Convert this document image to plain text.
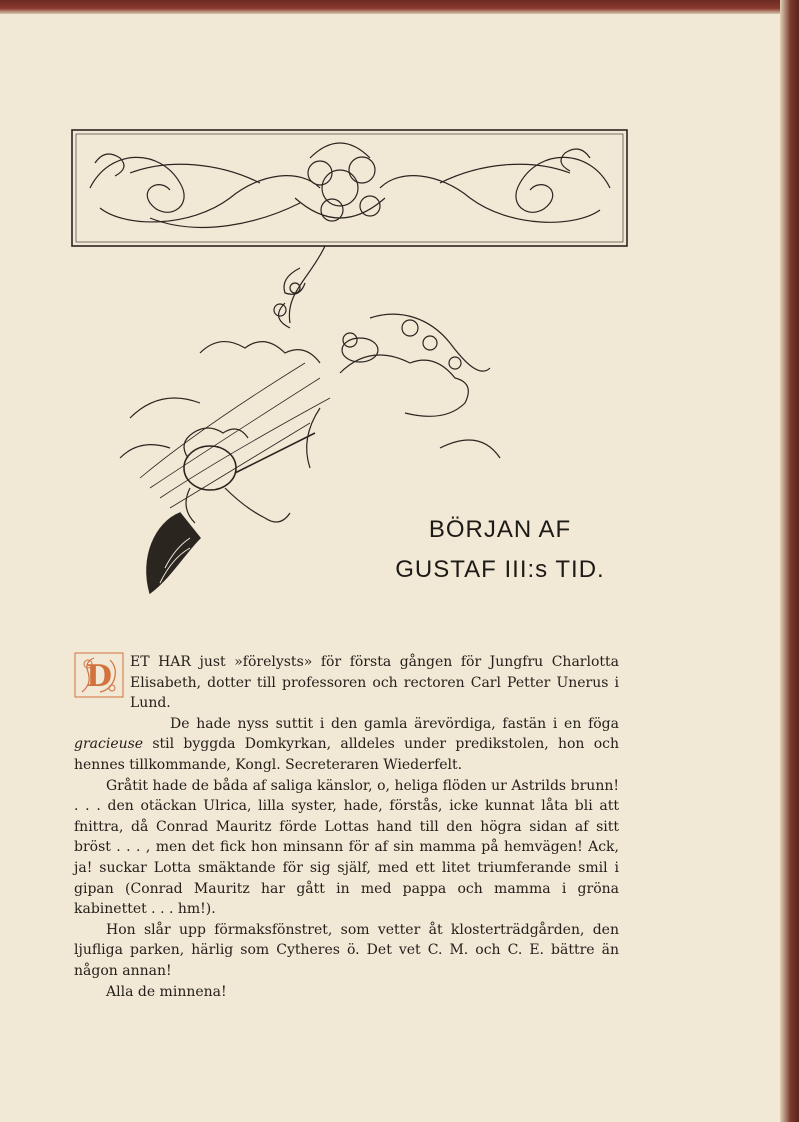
BÖRJAN AF
GUSTAF III:s TID.
D	ET HAR just »förelysts» för första gången för Jungfru Charlotta Elisabeth, dotter till professoren och rectoren Carl Petter Unerus i Lund.

De hade nyss suttit i den gamla ärevördiga, fastän i en föga gracieuse stil byggda Domkyrkan, alldeles under predikstolen, hon och hennes tillkommande, Kongl. Secreteraren Wiederfelt.

Gråtit hade de båda af saliga känslor, o, heliga flöden ur Astrilds brunn! . . . den otäckan Ulrica, lilla syster, hade, förstås, icke kunnat låta bli att fnittra, då Conrad Mauritz förde Lottas hand till den högra sidan af sitt bröst . . . , men det fick hon minsann för af sin mamma på hemvägen! Ack, ja! suckar Lotta smäktande för sig själf, med ett litet triumferande smil i gipan (Conrad Mauritz har gått in med pappa och mamma i gröna kabinettet . . . hm!).

Hon slår upp förmaksfönstret, som vetter åt klosterträdgården, den ljufliga parken, härlig som Cytheres ö. Det vet C. M. och C. E. bättre än någon annan!

Alla de minnena!
